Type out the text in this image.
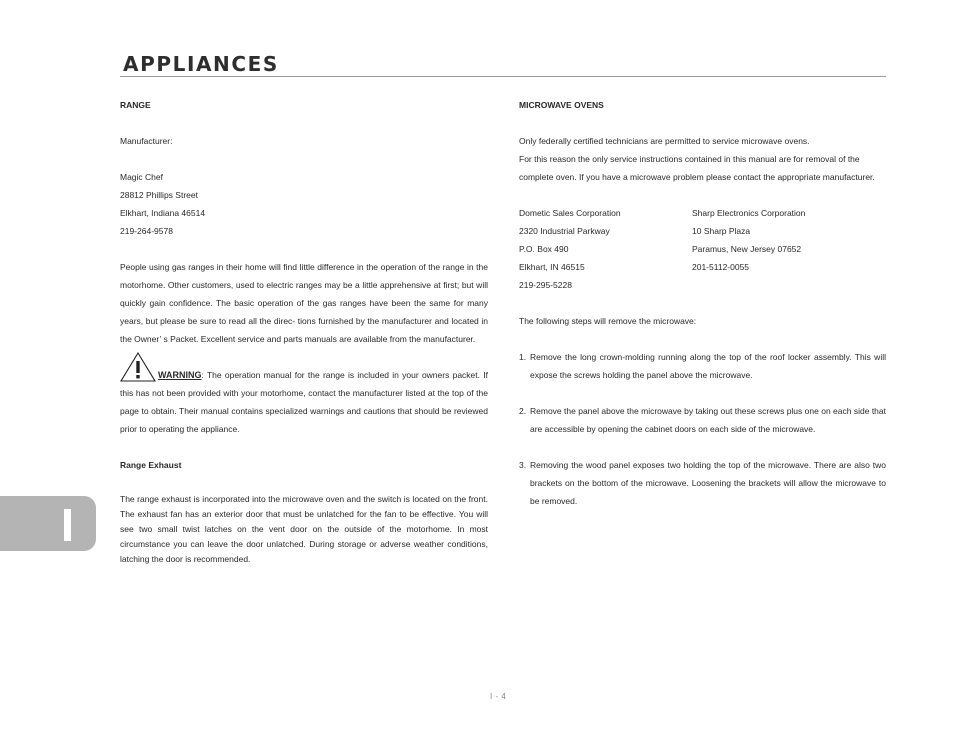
APPLIANCES
RANGE
Manufacturer:
Magic Chef
28812 Phillips Street
Elkhart, Indiana 46514
219-264-9578
People using gas ranges in their home will find little difference in the operation of the range in the motorhome. Other customers, used to electric ranges may be a little apprehensive at first; but will quickly gain confidence. The basic operation of the gas ranges have been the same for many years, but please be sure to read all the direc- tions furnished by the manufacturer and located in the Owner’ s Packet. Excellent service and parts manuals are available from the manufacturer.
WARNING: The operation manual for the range is included in your owners packet. If this has not been provided with your motorhome, contact the manufacturer listed at the top of the page to obtain. Their manual contains specialized warnings and cautions that should be reviewed prior to operating the appliance.
Range Exhaust
The range exhaust is incorporated into the microwave oven and the switch is located on the front. The exhaust fan has an exterior door that must be unlatched for the fan to be effective. You will see two small twist latches on the vent door on the outside of the motorhome. In most circumstance you can leave the door unlatched. During storage or adverse weather conditions, latching the door is recommended.
MICROWAVE OVENS
Only federally certified technicians are permitted to service microwave ovens.
For this reason the only service instructions contained in this manual are for removal of the complete oven. If you have a microwave problem please contact the appropriate manufacturer.
Dometic Sales Corporation
2320 Industrial Parkway
P.O. Box 490
Elkhart, IN 46515
219-295-5228
Sharp Electronics Corporation
10 Sharp Plaza
Paramus, New Jersey 07652
201-5112-0055
The following steps will remove the microwave:
1. Remove the long crown-molding running along the top of the roof locker assembly. This will expose the screws holding the panel above the microwave.
2. Remove the panel above the microwave by taking out these screws plus one on each side that are accessible by opening the cabinet doors on each side of the microwave.
3. Removing the wood panel exposes two holding the top of the microwave. There are also two brackets on the bottom of the microwave. Loosening the brackets will allow the microwave to be removed.
I - 4
